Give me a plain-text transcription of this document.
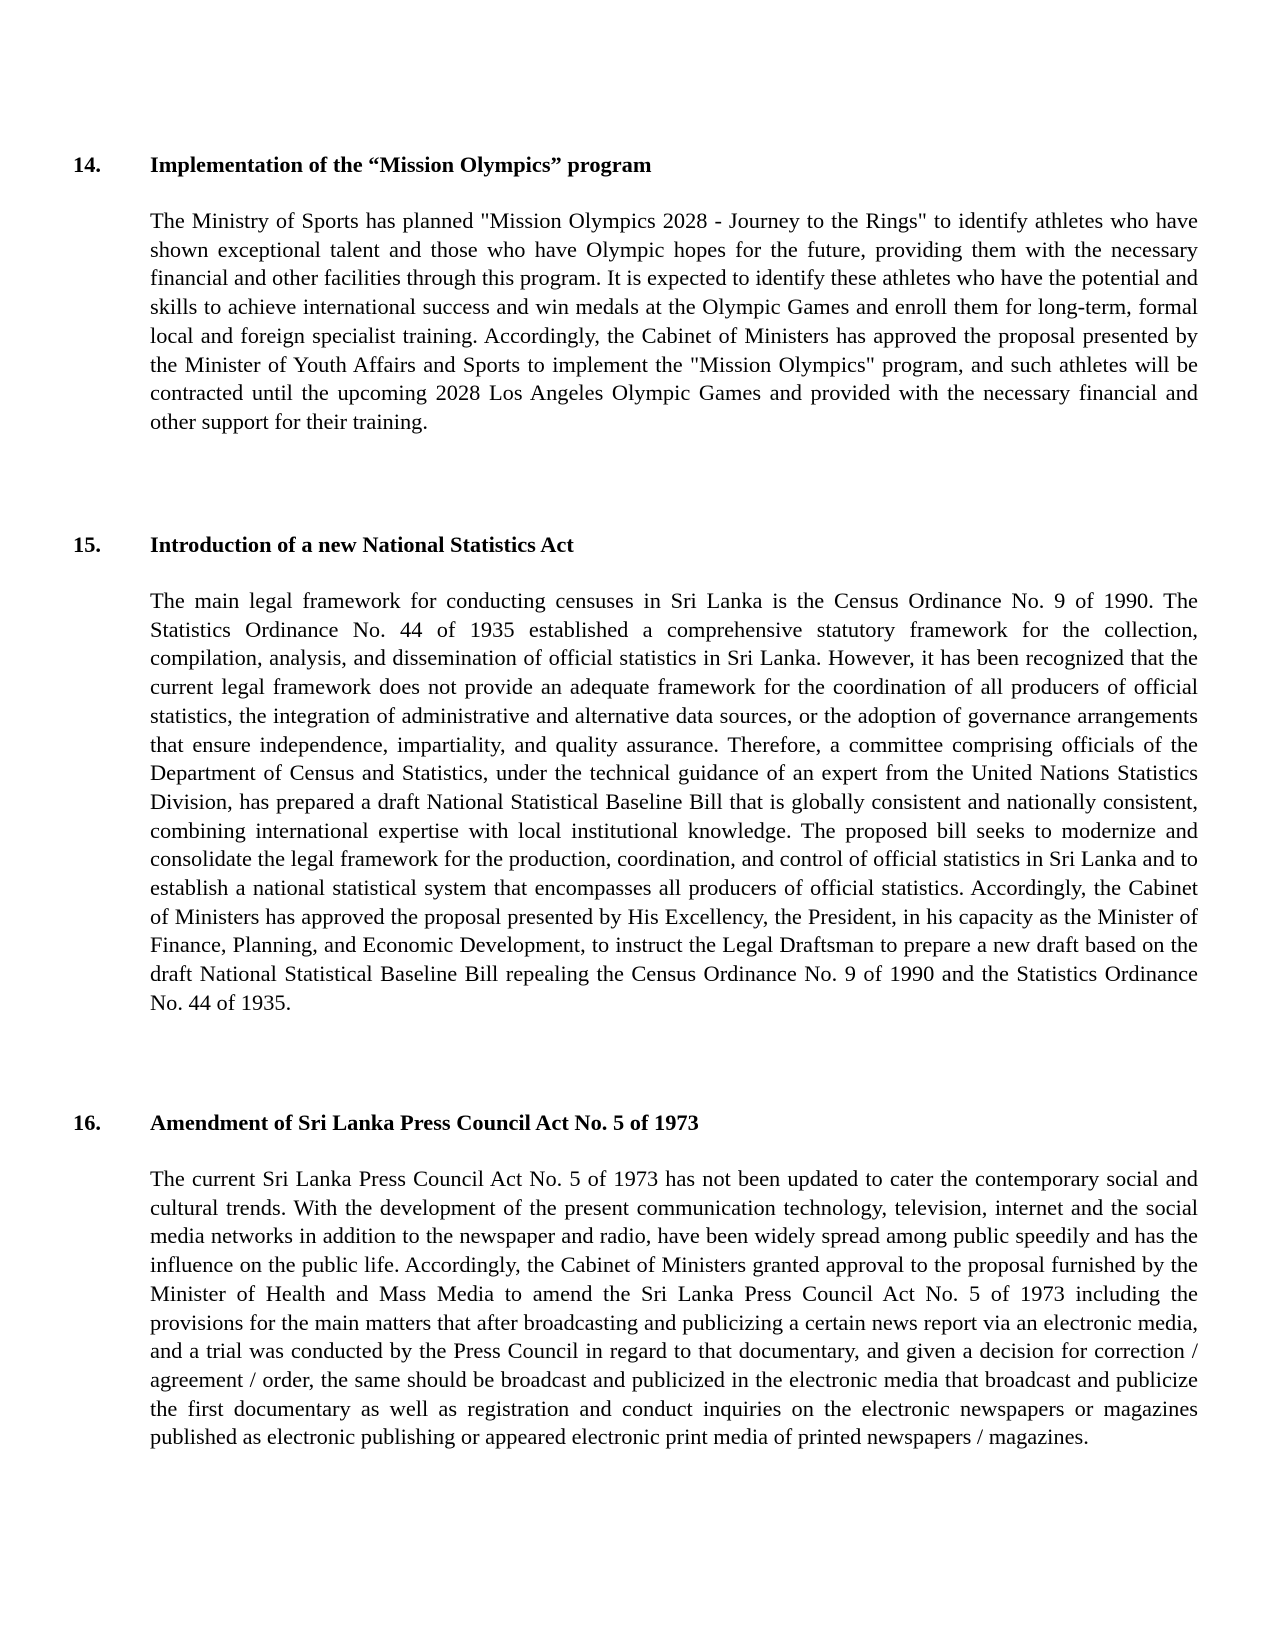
14. Implementation of the “Mission Olympics” program

The Ministry of Sports has planned "Mission Olympics 2028 - Journey to the Rings" to identify athletes who have shown exceptional talent and those who have Olympic hopes for the future, providing them with the necessary financial and other facilities through this program. It is expected to identify these athletes who have the potential and skills to achieve international success and win medals at the Olympic Games and enroll them for long-term, formal local and foreign specialist training. Accordingly, the Cabinet of Ministers has approved the proposal presented by the Minister of Youth Affairs and Sports to implement the "Mission Olympics" program, and such athletes will be contracted until the upcoming 2028 Los Angeles Olympic Games and provided with the necessary financial and other support for their training.

15. Introduction of a new National Statistics Act

The main legal framework for conducting censuses in Sri Lanka is the Census Ordinance No. 9 of 1990. The Statistics Ordinance No. 44 of 1935 established a comprehensive statutory framework for the collection, compilation, analysis, and dissemination of official statistics in Sri Lanka. However, it has been recognized that the current legal framework does not provide an adequate framework for the coordination of all producers of official statistics, the integration of administrative and alternative data sources, or the adoption of governance arrangements that ensure independence, impartiality, and quality assurance. Therefore, a committee comprising officials of the Department of Census and Statistics, under the technical guidance of an expert from the United Nations Statistics Division, has prepared a draft National Statistical Baseline Bill that is globally consistent and nationally consistent, combining international expertise with local institutional knowledge. The proposed bill seeks to modernize and consolidate the legal framework for the production, coordination, and control of official statistics in Sri Lanka and to establish a national statistical system that encompasses all producers of official statistics. Accordingly, the Cabinet of Ministers has approved the proposal presented by His Excellency, the President, in his capacity as the Minister of Finance, Planning, and Economic Development, to instruct the Legal Draftsman to prepare a new draft based on the draft National Statistical Baseline Bill repealing the Census Ordinance No. 9 of 1990 and the Statistics Ordinance No. 44 of 1935.

16. Amendment of Sri Lanka Press Council Act No. 5 of 1973

The current Sri Lanka Press Council Act No. 5 of 1973 has not been updated to cater the contemporary social and cultural trends. With the development of the present communication technology, television, internet and the social media networks in addition to the newspaper and radio, have been widely spread among public speedily and has the influence on the public life. Accordingly, the Cabinet of Ministers granted approval to the proposal furnished by the Minister of Health and Mass Media to amend the Sri Lanka Press Council Act No. 5 of 1973 including the provisions for the main matters that after broadcasting and publicizing a certain news report via an electronic media, and a trial was conducted by the Press Council in regard to that documentary, and given a decision for correction / agreement / order, the same should be broadcast and publicized in the electronic media that broadcast and publicize the first documentary as well as registration and conduct inquiries on the electronic newspapers or magazines published as electronic publishing or appeared electronic print media of printed newspapers / magazines.
